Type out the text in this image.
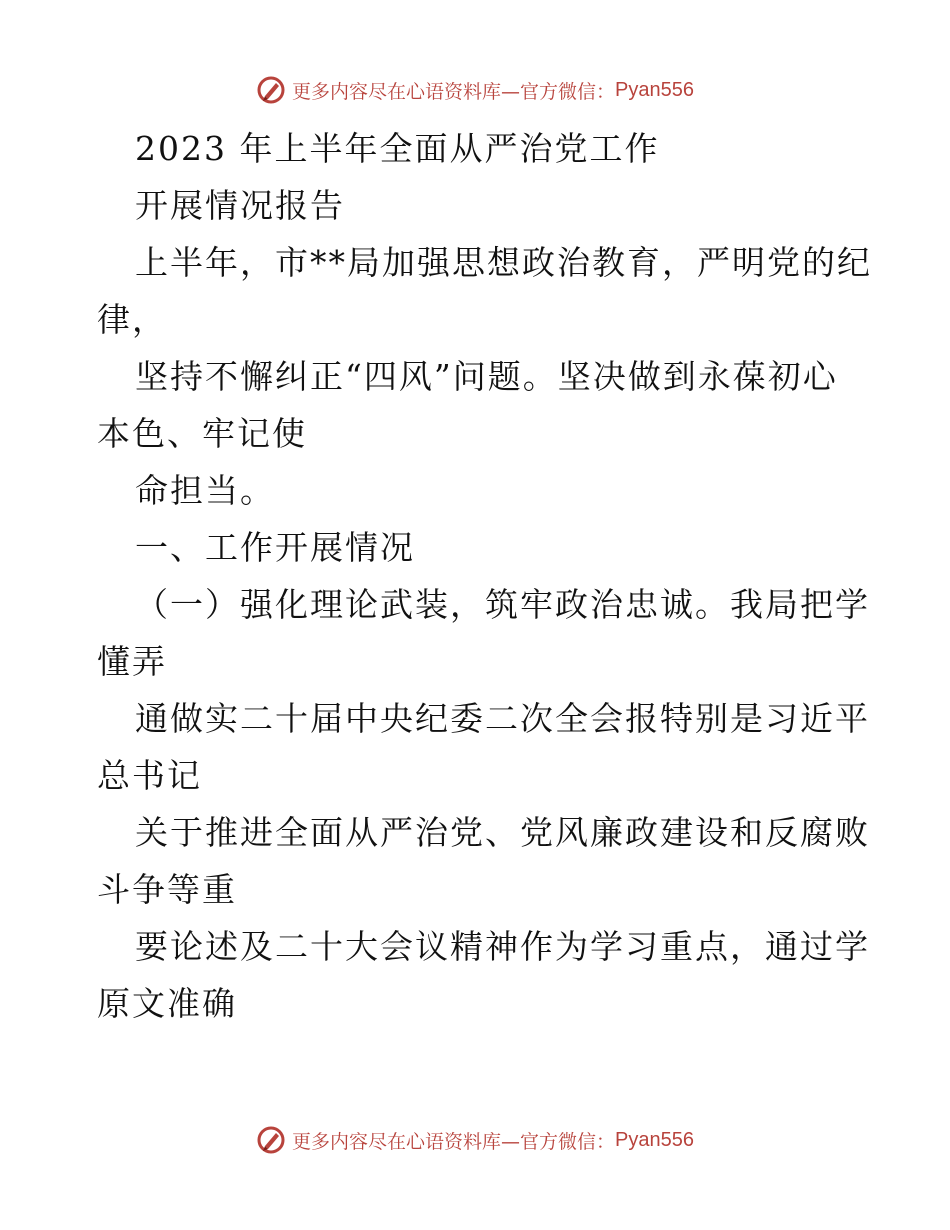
更多内容尽在心语资料库—官方微信： Pyan556
2023 年上半年全面从严治党工作
开展情况报告
上半年，市**局加强思想政治教育，严明党的纪
律，
坚持不懈纠正“四风”问题。坚决做到永葆初心
本色、牢记使
命担当。
一、工作开展情况
（一）强化理论武装，筑牢政治忠诚。我局把学
懂弄
通做实二十届中央纪委二次全会报特别是习近平
总书记
关于推进全面从严治党、党风廉政建设和反腐败
斗争等重
要论述及二十大会议精神作为学习重点，通过学
原文准确
更多内容尽在心语资料库—官方微信： Pyan556
